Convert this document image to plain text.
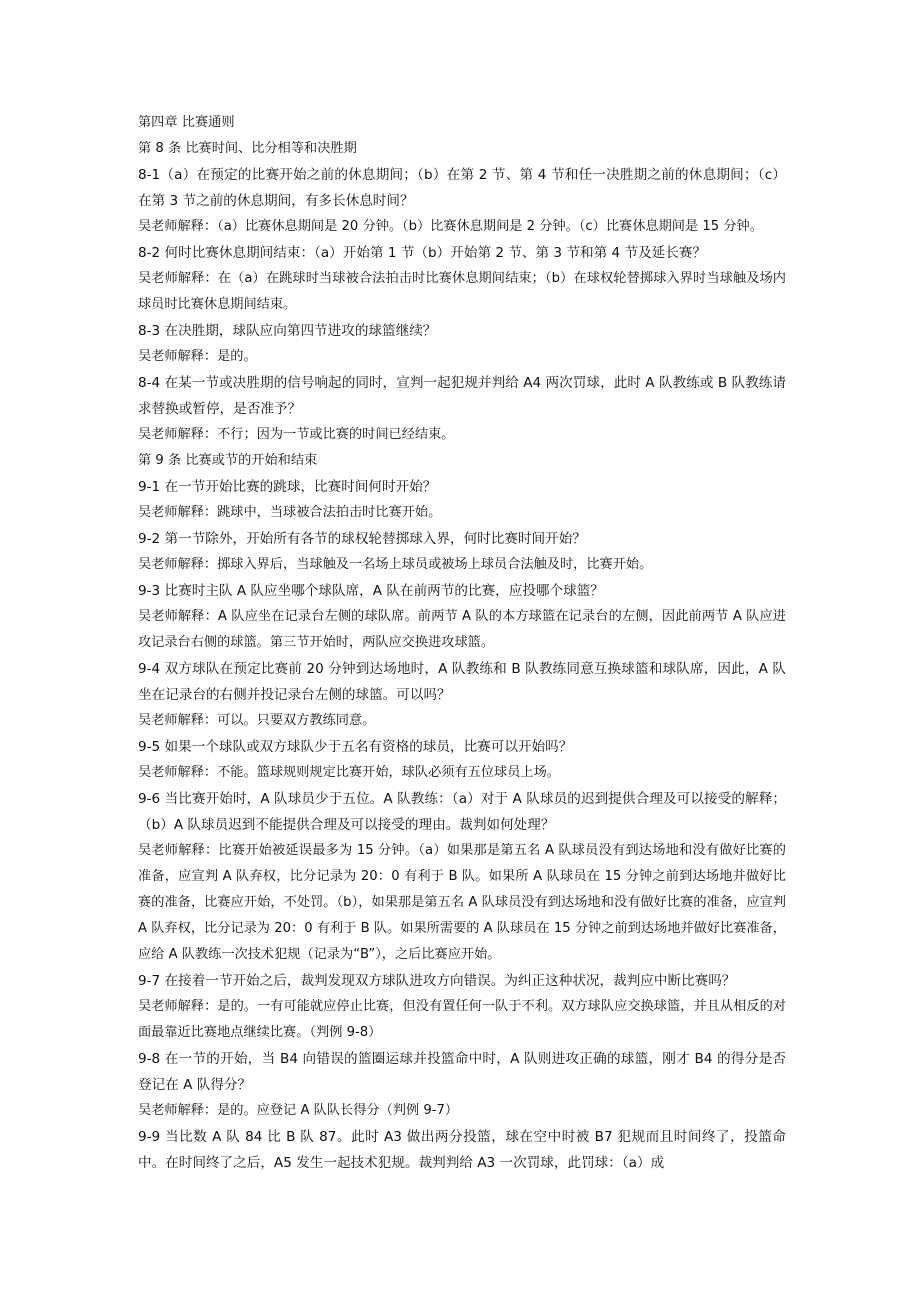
第四章 比赛通则

第 8 条 比赛时间、比分相等和决胜期

8-1（a）在预定的比赛开始之前的休息期间；（b）在第 2 节、第 4 节和任一决胜期之前的休息期间；（c）在第 3 节之前的休息期间，有多长休息时间？

吴老师解释：（a）比赛休息期间是 20 分钟。（b）比赛休息期间是 2 分钟。（c）比赛休息期间是 15 分钟。

8-2 何时比赛休息期间结束：（a）开始第 1 节（b）开始第 2 节、第 3 节和第 4 节及延长赛？

吴老师解释：在（a）在跳球时当球被合法拍击时比赛休息期间结束；（b）在球权轮替掷球入界时当球触及场内球员时比赛休息期间结束。

8-3 在决胜期，球队应向第四节进攻的球篮继续？

吴老师解释：是的。

8-4 在某一节或决胜期的信号响起的同时，宣判一起犯规并判给 A4 两次罚球，此时 A 队教练或 B 队教练请求替换或暂停，是否准予？

吴老师解释：不行；因为一节或比赛的时间已经结束。

第 9 条 比赛或节的开始和结束

9-1 在一节开始比赛的跳球，比赛时间何时开始？

吴老师解释：跳球中，当球被合法拍击时比赛开始。

9-2 第一节除外，开始所有各节的球权轮替掷球入界，何时比赛时间开始？

吴老师解释：掷球入界后，当球触及一名场上球员或被场上球员合法触及时，比赛开始。

9-3 比赛时主队 A 队应坐哪个球队席，A 队在前两节的比赛，应投哪个球篮？

吴老师解释：A 队应坐在记录台左侧的球队席。前两节 A 队的本方球篮在记录台的左侧，因此前两节 A 队应进攻记录台右侧的球篮。第三节开始时，两队应交换进攻球篮。

9-4 双方球队在预定比赛前 20 分钟到达场地时，A 队教练和 B 队教练同意互换球篮和球队席，因此，A 队坐在记录台的右侧并投记录台左侧的球篮。可以吗？

吴老师解释：可以。只要双方教练同意。

9-5 如果一个球队或双方球队少于五名有资格的球员，比赛可以开始吗？

吴老师解释：不能。篮球规则规定比赛开始，球队必须有五位球员上场。

9-6 当比赛开始时，A 队球员少于五位。A 队教练：（a）对于 A 队球员的迟到提供合理及可以接受的解释；（b）A 队球员迟到不能提供合理及可以接受的理由。裁判如何处理？

吴老师解释：比赛开始被延误最多为 15 分钟。（a）如果那是第五名 A 队球员没有到达场地和没有做好比赛的准备，应宣判 A 队弃权，比分记录为 20：0 有利于 B 队。如果所 A 队球员在 15 分钟之前到达场地并做好比赛的准备，比赛应开始，不处罚。（b），如果那是第五名 A 队球员没有到达场地和没有做好比赛的准备，应宣判 A 队弃权，比分记录为 20：0 有利于 B 队。如果所需要的 A 队球员在 15 分钟之前到达场地并做好比赛准备，应给 A 队教练一次技术犯规（记录为“B”），之后比赛应开始。

9-7 在接着一节开始之后，裁判发现双方球队进攻方向错误。为纠正这种状况，裁判应中断比赛吗？

吴老师解释：是的。一有可能就应停止比赛，但没有置任何一队于不利。双方球队应交换球篮，并且从相反的对面最靠近比赛地点继续比赛。（判例 9-8）

9-8 在一节的开始，当 B4 向错误的篮圈运球并投篮命中时，A 队则进攻正确的球篮，刚才 B4 的得分是否登记在 A 队得分？

吴老师解释：是的。应登记 A 队队长得分（判例 9-7）

9-9 当比数 A 队 84 比 B 队 87。此时 A3 做出两分投篮，球在空中时被 B7 犯规而且时间终了，投篮命中。在时间终了之后，A5 发生一起技术犯规。裁判判给 A3 一次罚球，此罚球：（a）成
